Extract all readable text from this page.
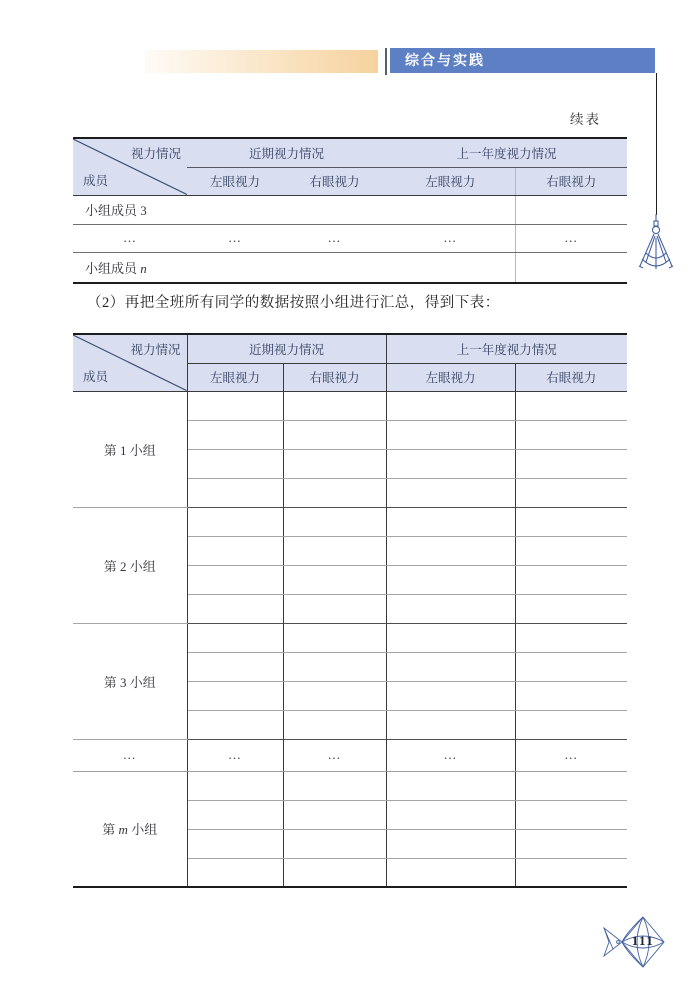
综合与实践
续表
视力情况
成员	近期视力情况		上一年度视力情况	
	左眼视力	右眼视力	左眼视力	右眼视力
小组成员 3				
…	…	…	…	…
小组成员 n				
（2）再把全班所有同学的数据按照小组进行汇总，得到下表：
视力情况
成员	近期视力情况		上一年度视力情况	
	左眼视力	右眼视力	左眼视力	右眼视力
第 1 小组				

第 2 小组				

第 3 小组				

…	…	…	…	…
第 m 小组				

111
